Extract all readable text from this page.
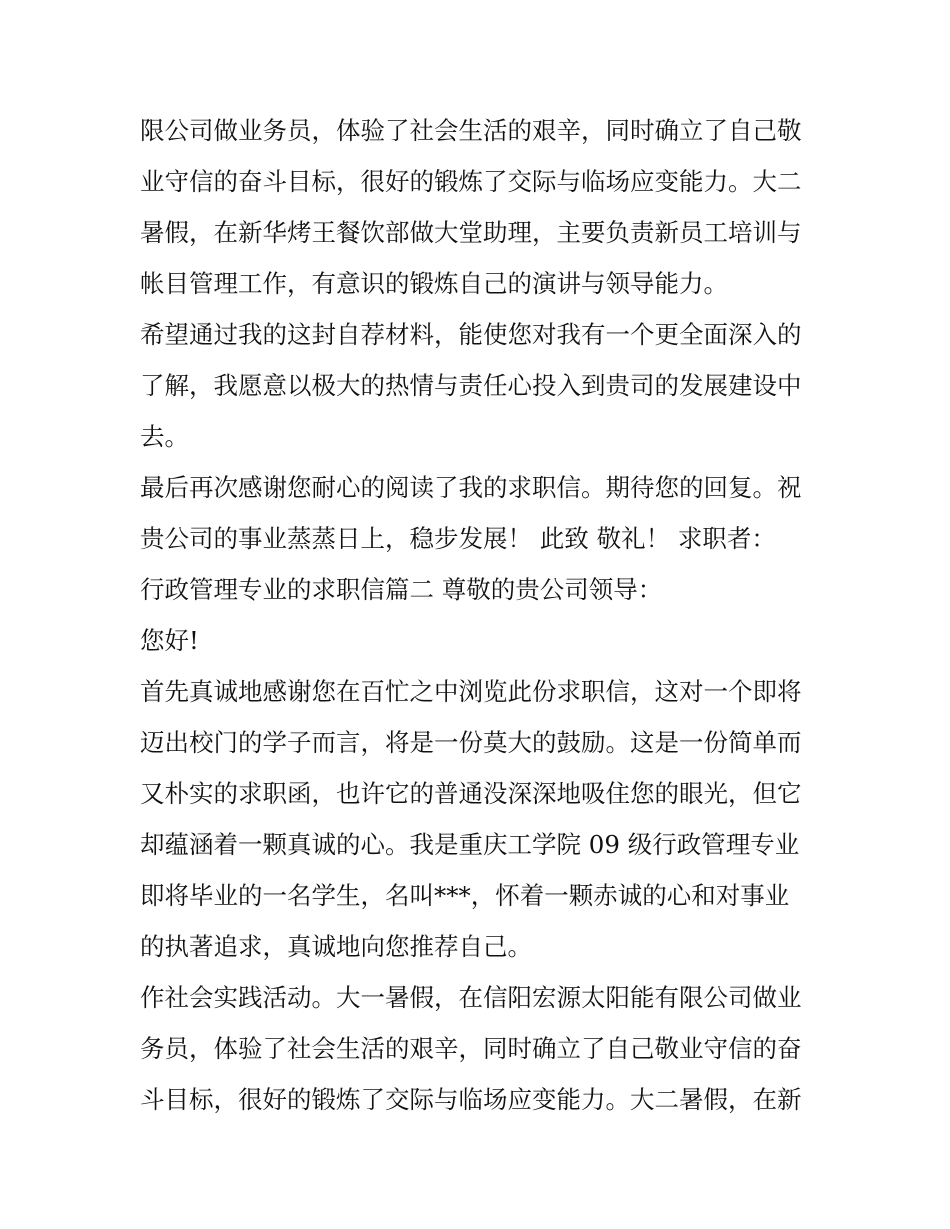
限公司做业务员，体验了社会生活的艰辛，同时确立了自己敬
业守信的奋斗目标，很好的锻炼了交际与临场应变能力。大二
暑假，在新华烤王餐饮部做大堂助理，主要负责新员工培训与
帐目管理工作，有意识的锻炼自己的演讲与领导能力。
希望通过我的这封自荐材料，能使您对我有一个更全面深入的
了解，我愿意以极大的热情与责任心投入到贵司的发展建设中
去。
最后再次感谢您耐心的阅读了我的求职信。期待您的回复。祝
贵公司的事业蒸蒸日上，稳步发展！ 此致 敬礼！ 求职者：
行政管理专业的求职信篇二 尊敬的贵公司领导：
您好!
首先真诚地感谢您在百忙之中浏览此份求职信，这对一个即将
迈出校门的学子而言，将是一份莫大的鼓励。这是一份简单而
又朴实的求职函，也许它的普通没深深地吸住您的眼光，但它
却蕴涵着一颗真诚的心。我是重庆工学院 09 级行政管理专业
即将毕业的一名学生，名叫***，怀着一颗赤诚的心和对事业
的执著追求，真诚地向您推荐自己。
作社会实践活动。大一暑假，在信阳宏源太阳能有限公司做业
务员，体验了社会生活的艰辛，同时确立了自己敬业守信的奋
斗目标，很好的锻炼了交际与临场应变能力。大二暑假，在新
